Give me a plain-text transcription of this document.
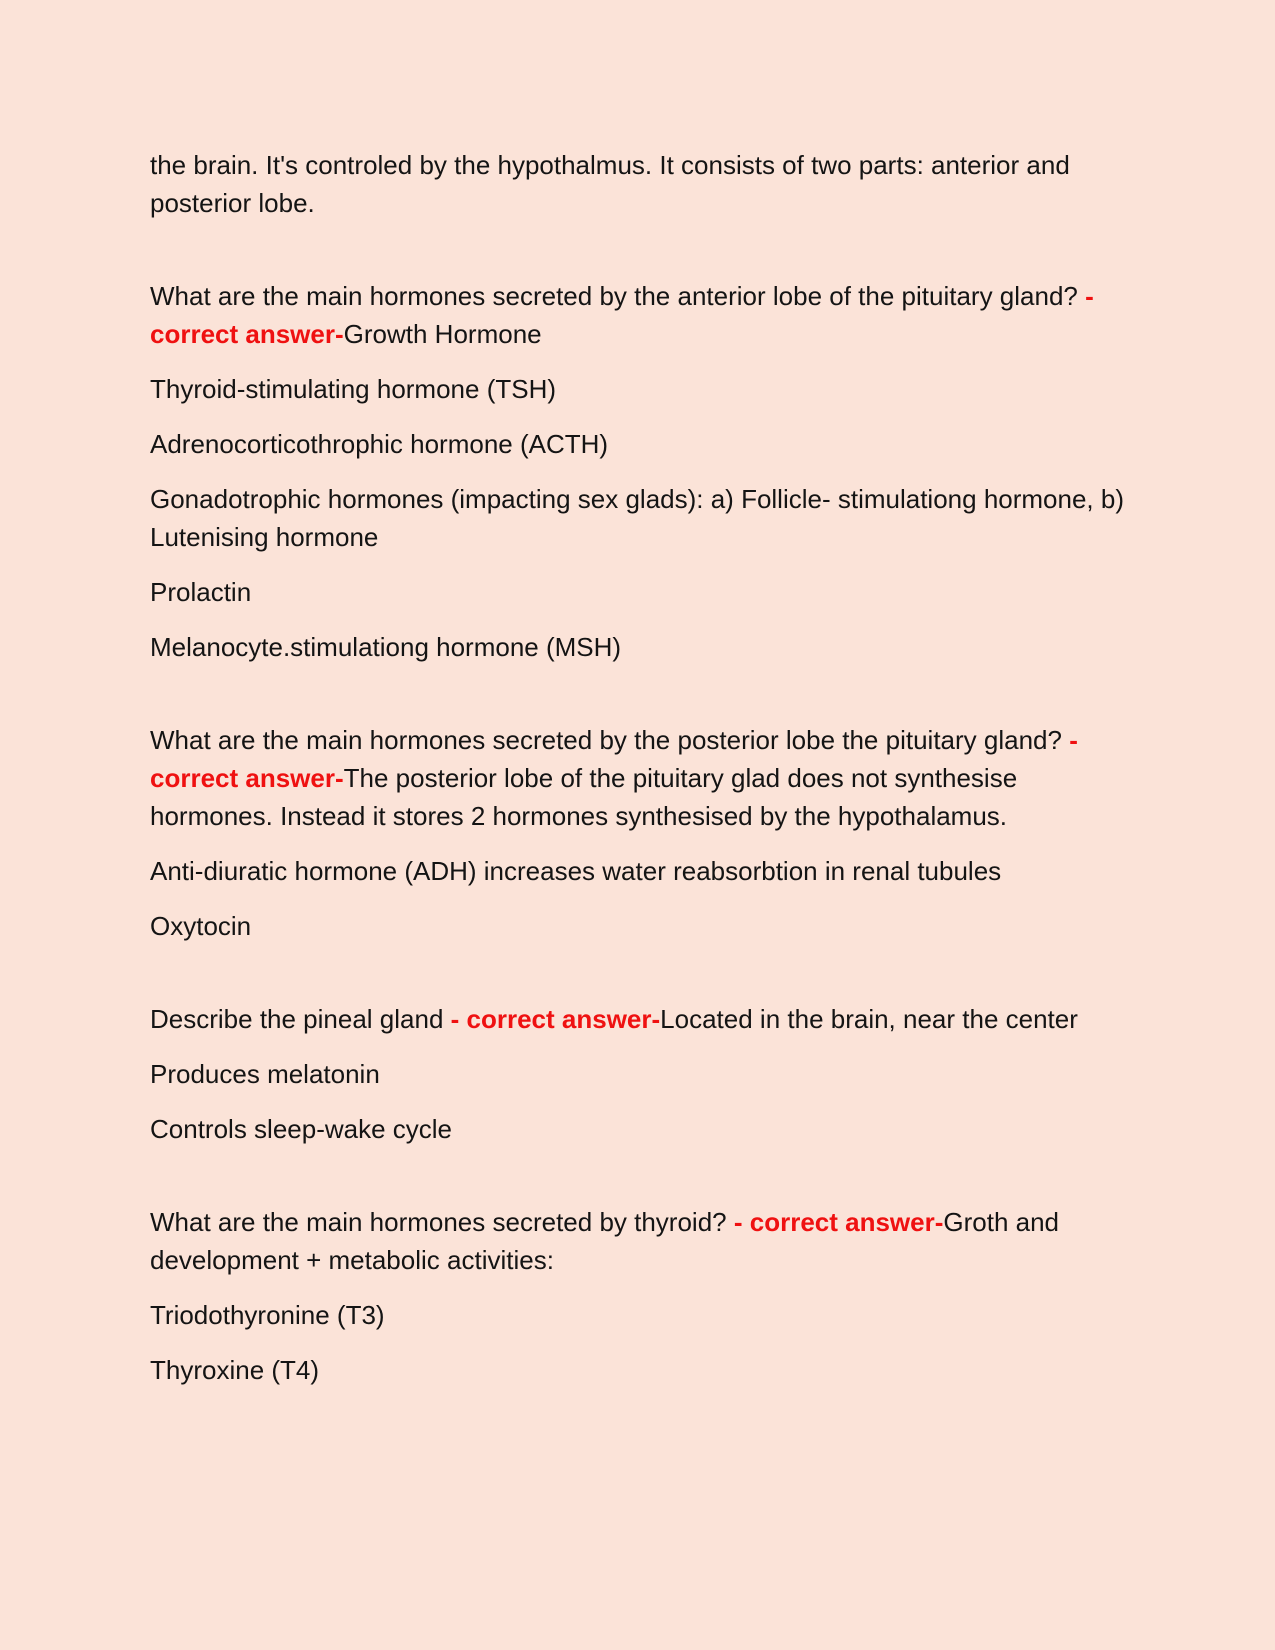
the brain. It's controled by the hypothalmus. It consists of two parts: anterior and posterior lobe.

What are the main hormones secreted by the anterior lobe of the pituitary gland? - correct answer-Growth Hormone

Thyroid-stimulating hormone (TSH)

Adrenocorticothrophic hormone (ACTH)

Gonadotrophic hormones (impacting sex glads): a) Follicle- stimulationg hormone, b) Lutenising hormone

Prolactin

Melanocyte.stimulationg hormone (MSH)

What are the main hormones secreted by the posterior lobe the pituitary gland? - correct answer-The posterior lobe of the pituitary glad does not synthesise hormones. Instead it stores 2 hormones synthesised by the hypothalamus.

Anti-diuratic hormone (ADH) increases water reabsorbtion in renal tubules

Oxytocin

Describe the pineal gland - correct answer-Located in the brain, near the center

Produces melatonin

Controls sleep-wake cycle

What are the main hormones secreted by thyroid? - correct answer-Groth and development + metabolic activities:

Triodothyronine (T3)

Thyroxine (T4)
